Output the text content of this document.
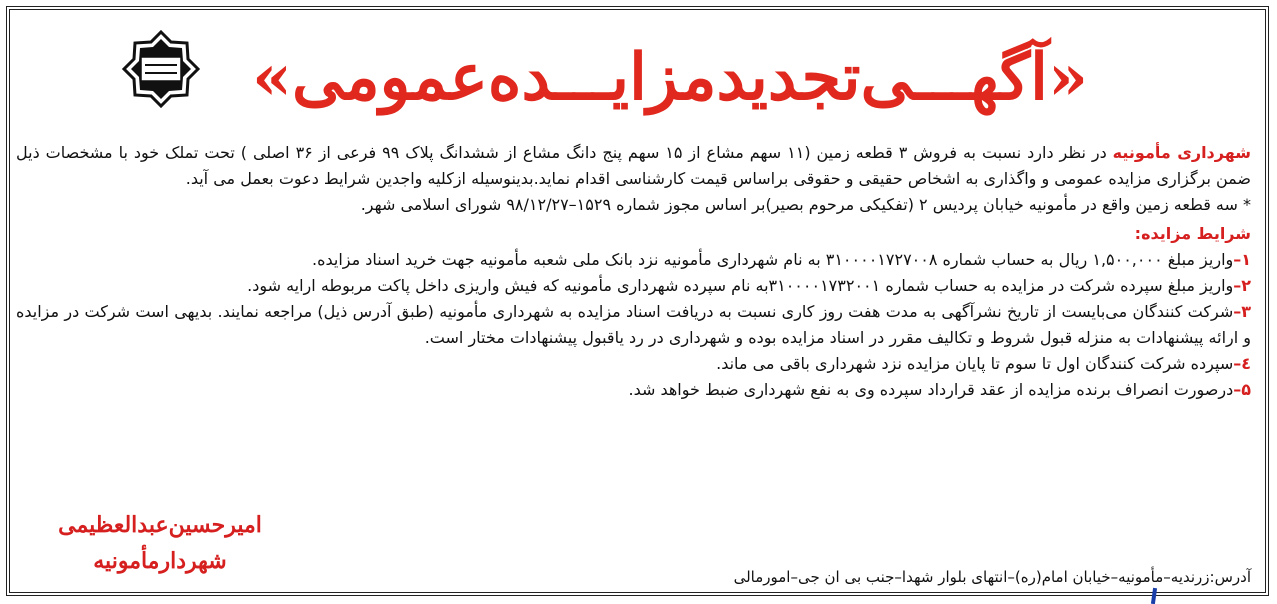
«آگهـــی‌تجدیدمزایـــده‌عمومی»

شهرداری مأمونیه در نظر دارد نسبت به فروش ۳ قطعه زمین (۱۱ سهم مشاع از ۱۵ سهم پنج دانگ مشاع از ششدانگ پلاک ۹۹ فرعی از ۳۶ اصلی ) تحت تملک خود با مشخصات ذیل ضمن برگزاری مزایده عمومی و واگذاری به اشخاص حقیقی و حقوقی براساس قیمت کارشناسی اقدام نماید.بدینوسیله ازکلیه واجدین شرایط دعوت بعمل می آید.

* سه قطعه زمین واقع در مأمونیه خیابان پردیس ۲ (تفکیکی مرحوم بصیر)بر اساس مجوز شماره ۱۵۲۹–۹۸/۱۲/۲۷ شورای اسلامی شهر.

شرایط مزایده:

۱–واریز مبلغ ۱,۵۰۰,۰۰۰ ریال به حساب شماره ۳۱۰۰۰۰۱۷۲۷۰۰۸ به نام شهرداری مأمونیه نزد بانک ملی شعبه مأمونیه جهت خرید اسناد مزایده.

۲–واریز مبلغ سپرده شرکت در مزایده به حساب شماره ۳۱۰۰۰۰۱۷۳۲۰۰۱به نام سپرده شهرداری مأمونیه که فیش واریزی داخل پاکت مربوطه ارایه شود.

۳–شرکت کنندگان می‌بایست از تاریخ نشرآگهی به مدت هفت روز کاری نسبت به دریافت اسناد مزایده به شهرداری مأمونیه (طبق آدرس ذیل) مراجعه نمایند. بدیهی است شرکت در مزایده و ارائه پیشنهادات به منزله قبول شروط و تکالیف مقرر در اسناد مزایده بوده و شهرداری در رد یاقبول پیشنهادات مختار است.

٤–سپرده شرکت کنندگان اول تا سوم تا پایان مزایده نزد شهرداری باقی می ماند.

۵–درصورت انصراف برنده مزایده از عقد قرارداد سپرده وی به نفع شهرداری ضبط خواهد شد.

امیرحسین‌عبدالعظیمی
شهردارمأمونیه
آدرس:زرندیه–مأمونیه–خیابان امام(ره)–انتهای بلوار شهدا–جنب بی ان جی–امورمالی
